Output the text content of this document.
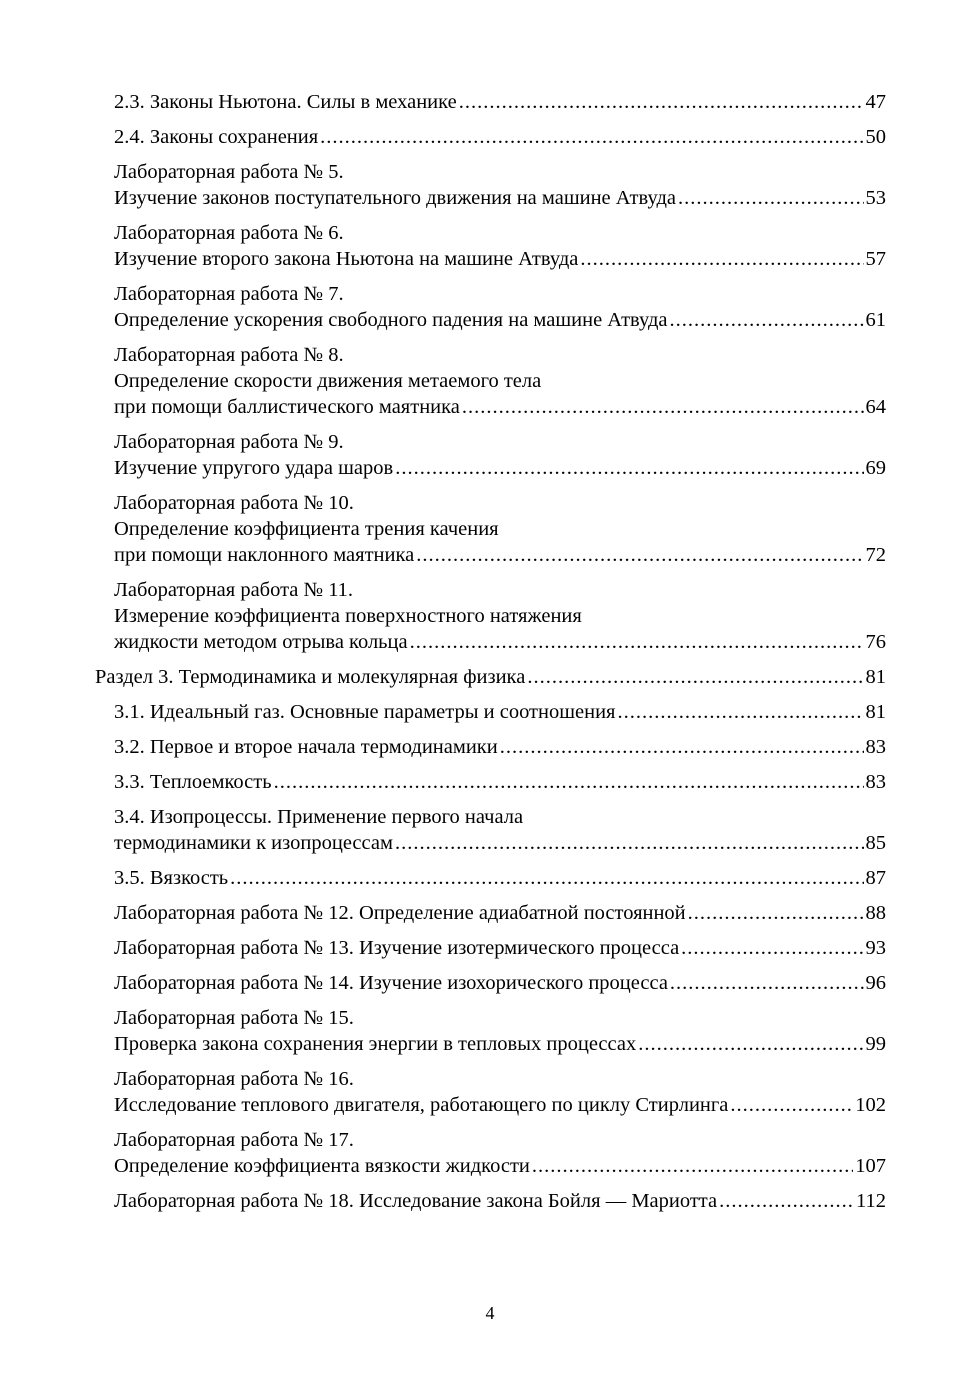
2.3. Законы Ньютона. Силы в механике .....	47
2.4. Законы сохранения .....	50
Лабораторная работа № 5.
Изучение законов поступательного движения на машине Атвуда .....	53
Лабораторная работа № 6.
Изучение второго закона Ньютона на машине Атвуда .....	57
Лабораторная работа № 7.
Определение ускорения свободного падения на машине Атвуда .....	61
Лабораторная работа № 8.
Определение скорости движения метаемого тела
при помощи баллистического маятника .....	64
Лабораторная работа № 9.
Изучение упругого удара шаров .....	69
Лабораторная работа № 10.
Определение коэффициента трения качения
при помощи наклонного маятника .....	72
Лабораторная работа № 11.
Измерение коэффициента поверхностного натяжения
жидкости методом отрыва кольца .....	76
Раздел 3. Термодинамика и молекулярная физика .....	81
3.1. Идеальный газ. Основные параметры и соотношения .....	81
3.2. Первое и второе начала термодинамики .....	83
3.3. Теплоемкость .....	83
3.4. Изопроцессы. Применение первого начала
термодинамики к изопроцессам .....	85
3.5. Вязкость .....	87
Лабораторная работа № 12. Определение адиабатной постоянной .....	88
Лабораторная работа № 13. Изучение изотермического процесса .....	93
Лабораторная работа № 14. Изучение изохорического процесса .....	96
Лабораторная работа № 15.
Проверка закона сохранения энергии в тепловых процессах .....	99
Лабораторная работа № 16.
Исследование теплового двигателя, работающего по циклу Стирлинга .....	102
Лабораторная работа № 17.
Определение коэффициента вязкости жидкости .....	107
Лабораторная работа № 18. Исследование закона Бойля — Мариотта .....	112
4
